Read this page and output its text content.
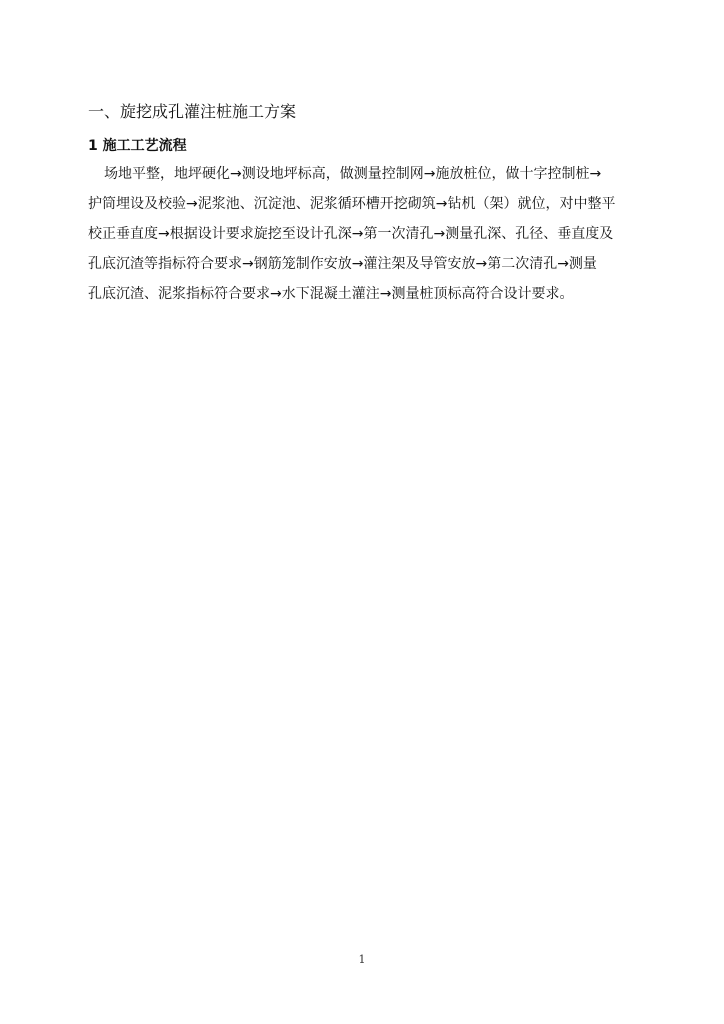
一、旋挖成孔灌注桩施工方案
1 施工工艺流程

场地平整，地坪硬化→测设地坪标高，做测量控制网→施放桩位，做十字控制桩→

护筒埋设及校验→泥浆池、沉淀池、泥浆循环槽开挖砌筑→钻机（架）就位，对中整平

校正垂直度→根据设计要求旋挖至设计孔深→第一次清孔→测量孔深、孔径、垂直度及

孔底沉渣等指标符合要求→钢筋笼制作安放→灌注架及导管安放→第二次清孔→测量

孔底沉渣、泥浆指标符合要求→水下混凝土灌注→测量桩顶标高符合设计要求。

1
